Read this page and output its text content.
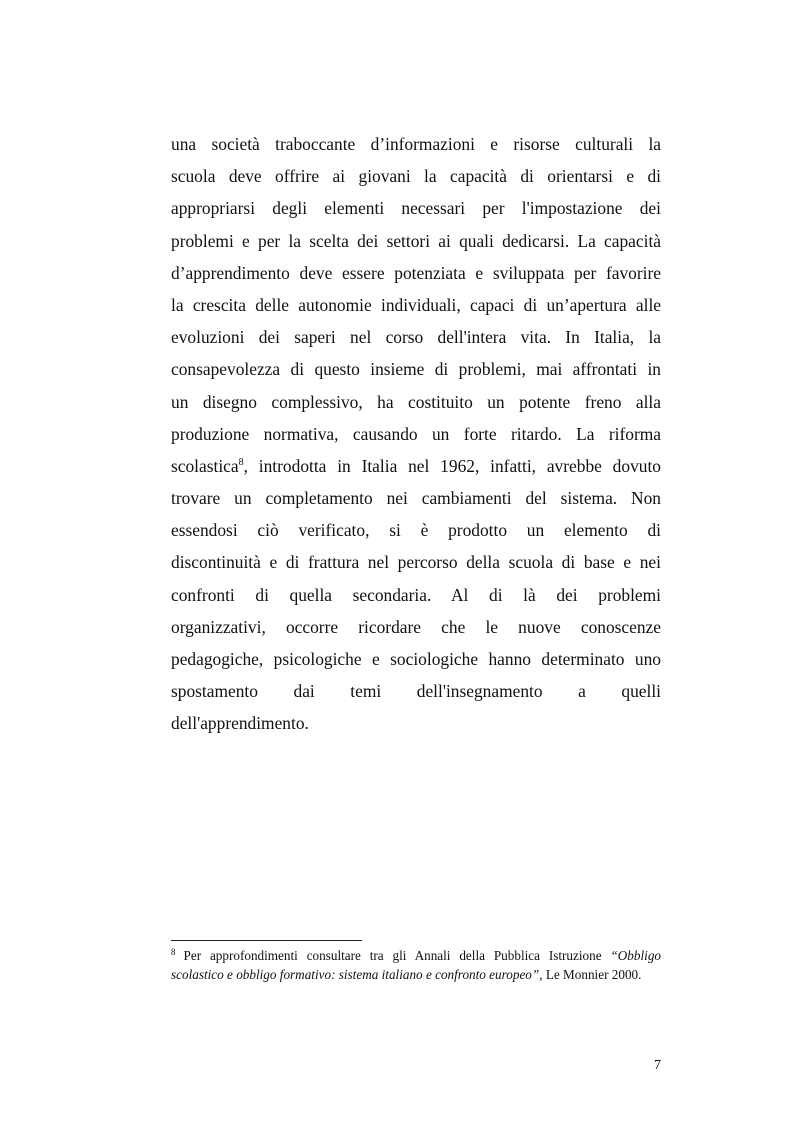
una società traboccante d’informazioni e risorse culturali la
scuola deve offrire ai giovani la capacità di orientarsi e di
appropriarsi degli elementi necessari per l'impostazione dei
problemi e per la scelta dei settori ai quali dedicarsi. La capacità
d’apprendimento deve essere potenziata e sviluppata per favorire
la crescita delle autonomie individuali, capaci di un’apertura alle
evoluzioni dei saperi nel corso dell'intera vita. In Italia, la
consapevolezza di questo insieme di problemi, mai affrontati in
un disegno complessivo, ha costituito un potente freno alla
produzione normativa, causando un forte ritardo. La riforma
scolastica$^8$, introdotta in Italia nel 1962, infatti, avrebbe dovuto
trovare un completamento nei cambiamenti del sistema. Non
essendosi ciò verificato, si è prodotto un elemento di
discontinuità e di frattura nel percorso della scuola di base e nei
confronti di quella secondaria. Al di là dei problemi
organizzativi, occorre ricordare che le nuove conoscenze
pedagogiche, psicologiche e sociologiche hanno determinato uno
spostamento dai temi dell'insegnamento a quelli
dell'apprendimento.
$^8$ Per approfondimenti consultare tra gli Annali della Pubblica Istruzione “Obbligo
scolastico e obbligo formativo: sistema italiano e confronto europeo”, Le Monnier 2000.
7
